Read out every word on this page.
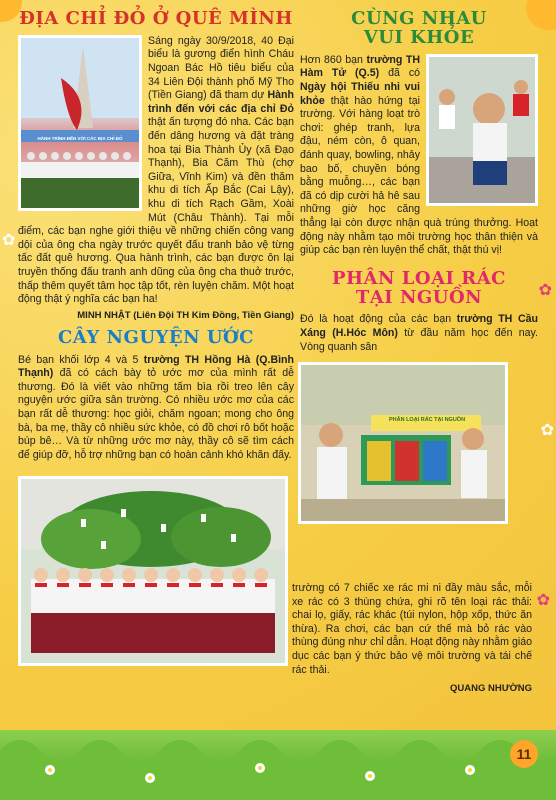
✿
✿
✿
✿
ĐỊA CHỈ ĐỎ Ở QUÊ MÌNH
HÀNH TRÌNH ĐẾN VỚI CÁC ĐỊA CHỈ ĐỎ

Sáng ngày 30/9/2018, 40 Đại biểu là gương điển hình Cháu Ngoan Bác Hồ tiêu biểu của 34 Liên Đội thành phố Mỹ Tho (Tiền Giang) đã tham dự Hành trình đến với các địa chỉ Đỏ thật ấn tượng đó nha. Các bạn đến dâng hương và đặt tràng hoa tại Bia Thành Ủy (xã Đạo Thạnh), Bia Căm Thù (chợ Giữa, Vĩnh Kim) và đền thăm khu di tích Ấp Bắc (Cai Lậy), khu di tích Rạch Gầm, Xoài Mút (Châu Thành). Tại mỗi điểm, các bạn nghe giới thiệu về những chiến công vang dội của ông cha ngày trước quyết đấu tranh bảo vệ từng tấc đất quê hương. Qua hành trình, các bạn được ôn lại truyền thống đấu tranh anh dũng của ông cha thuở trước, thấp thêm quyết tâm học tập tốt, rèn luyện chăm. Một hoạt động thật ý nghĩa các bạn ha!

MINH NHẬT (Liên Đội TH Kim Đồng, Tiền Giang)
CÂY NGUYỆN ƯỚC

Bé bạn khối lớp 4 và 5 trường TH Hồng Hà (Q.Bình Thạnh) đã có cách bày tỏ ước mơ của mình rất dễ thương. Đó là viết vào những tấm bìa rồi treo lên cây nguyện ước giữa sân trường. Có nhiều ước mơ của các bạn rất dễ thương: học giỏi, chăm ngoan; mong cho ông bà, ba mẹ, thầy cô nhiều sức khỏe, có đồ chơi rô bốt hoặc búp bê… Và từ những ước mơ này, thầy cô sẽ tìm cách để giúp đỡ, hỗ trợ những bạn có hoàn cảnh khó khăn đấy.

CÙNG NHAU
VUI KHỎE

Hơn 860 bạn trường TH Hàm Tử (Q.5) đã có Ngày hội Thiếu nhi vui khỏe thật hào hứng tại trường. Với hàng loạt trò chơi: ghép tranh, lựa đậu, ném còn, ô quan, đánh quay, bowling, nhảy bao bố, chuyền bóng bằng muỗng…, các bạn đã có dịp cười hả hê sau những giờ học căng thẳng lại còn được nhận quà trúng thưởng. Hoạt động này nhằm tạo môi trường học thân thiện và giúp các bạn rèn luyện thể chất, thật thú vị!

PHÂN LOẠI RÁC
TẠI NGUỒN

Đó là hoạt động của các bạn trường TH Cầu Xáng (H.Hóc Môn) từ đầu năm học đến nay. Vòng quanh sân

PHÂN LOẠI RÁC TẠI NGUỒN

trường có 7 chiếc xe rác mi ni đầy màu sắc, mỗi xe rác có 3 thùng chứa, ghi rõ tên loại rác thải: chai lọ, giấy, rác khác (túi nylon, hộp xốp, thức ăn thừa). Ra chơi, các bạn cứ thế mà bỏ rác vào thùng đúng như chỉ dẫn. Hoạt động này nhằm giáo dục các bạn ý thức bảo vệ môi trường và tái chế rác thải.

QUANG NHƯỜNG
11
